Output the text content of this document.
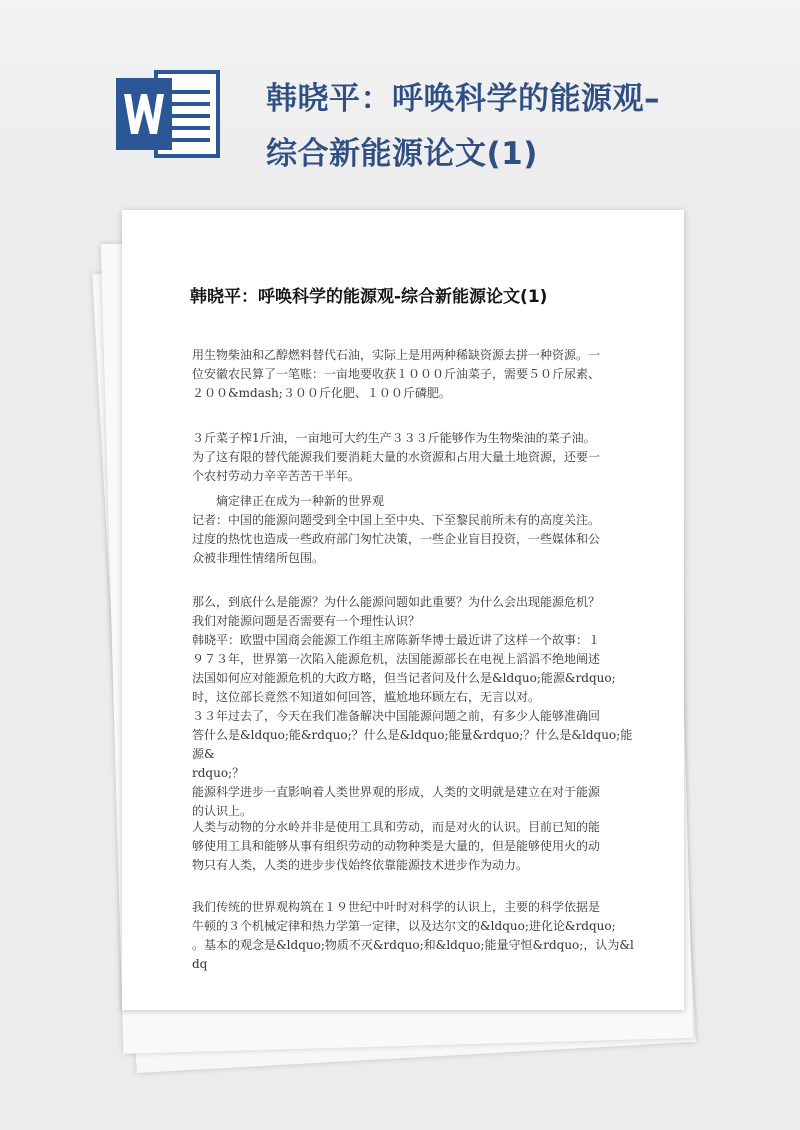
韩晓平：呼唤科学的能源观–
综合新能源论文(1)
韩晓平：呼唤科学的能源观-综合新能源论文(1)
用生物柴油和乙醇燃料替代石油，实际上是用两种稀缺资源去拼一种资源。一
位安徽农民算了一笔账：一亩地要收获１０００斤油菜子，需要５０斤尿素、
２００&mdash;３００斤化肥、１００斤磷肥。
３斤菜子榨1斤油，一亩地可大约生产３３３斤能够作为生物柴油的菜子油。
为了这有限的替代能源我们要消耗大量的水资源和占用大量土地资源，还要一
个农村劳动力辛辛苦苦干半年。
熵定律正在成为一种新的世界观
记者：中国的能源问题受到全中国上至中央、下至黎民前所未有的高度关注。
过度的热忱也造成一些政府部门匆忙决策，一些企业盲目投资，一些媒体和公
众被非理性情绪所包围。
那么，到底什么是能源？为什么能源问题如此重要？为什么会出现能源危机？
我们对能源问题是否需要有一个理性认识？
韩晓平：欧盟中国商会能源工作组主席陈新华博士最近讲了这样一个故事：１
９７３年，世界第一次陷入能源危机，法国能源部长在电视上滔滔不绝地阐述
法国如何应对能源危机的大政方略，但当记者问及什么是&ldquo;能源&rdquo;
时，这位部长竟然不知道如何回答，尴尬地环顾左右，无言以对。
３３年过去了，今天在我们准备解决中国能源问题之前，有多少人能够准确回
答什么是&ldquo;能&rdquo;？什么是&ldquo;能量&rdquo;？什么是&ldquo;能源&
rdquo;？
能源科学进步一直影响着人类世界观的形成，人类的文明就是建立在对于能源
的认识上。
人类与动物的分水岭并非是使用工具和劳动，而是对火的认识。目前已知的能
够使用工具和能够从事有组织劳动的动物种类是大量的，但是能够使用火的动
物只有人类，人类的进步步伐始终依靠能源技术进步作为动力。
我们传统的世界观构筑在１９世纪中叶时对科学的认识上，主要的科学依据是
牛顿的３个机械定律和热力学第一定律，以及达尔文的&ldquo;进化论&rdquo;
。基本的观念是&ldquo;物质不灭&rdquo;和&ldquo;能量守恒&rdquo;，认为&ldq
